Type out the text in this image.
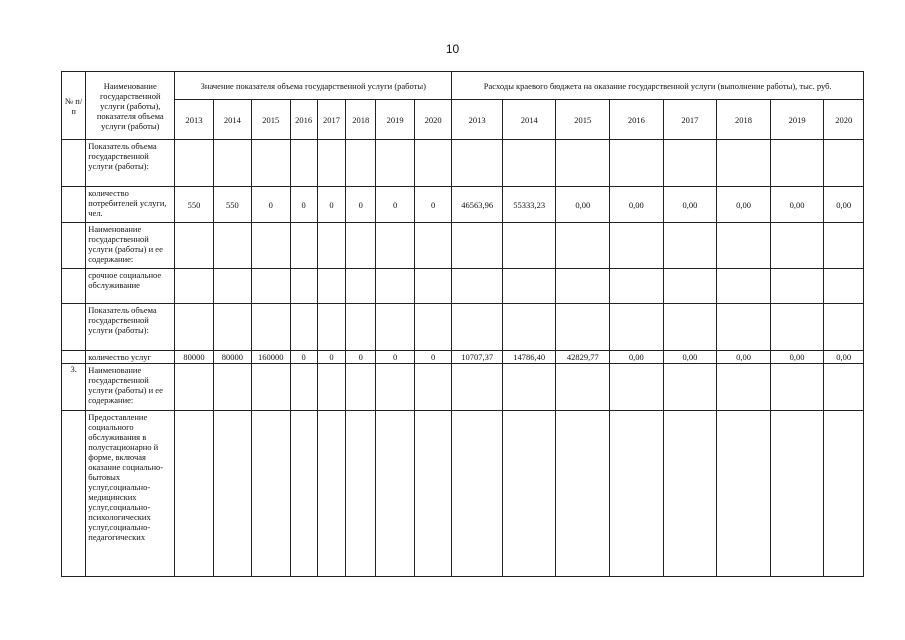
10
№ п/ п	Наименование государственной услуги (работы), показателя объема услуги (работы)	Значение показателя объема государственной услуги (работы)								Расходы краевого бюджета на оказание государственной услуги (выполнение работы), тыс. руб.							
		2013	2014	2015	2016	2017	2018	2019	2020	2013	2014	2015	2016	2017	2018	2019	2020
	Показатель объема государственной услуги (работы):																
	количество потребителей услуги, чел.	550	550	0	0	0	0	0	0	46563,96	55333,23	0,00	0,00	0,00	0,00	0,00	0,00
	Наименование государственной услуги (работы) и ее содержание:																
	срочное социальное обслуживание																
	Показатель объема государственной услуги (работы):																
	количество услуг	80000	80000	160000	0	0	0	0	0	10707,37	14786,40	42829,77	0,00	0,00	0,00	0,00	0,00
3.	Наименование государственной услуги (работы) и ее содержание:																
	Предоставление социального обслуживания в полустационарно й форме, включая оказание социально-бытовых услуг,социально-медицинских услуг,социально-психологических услуг,социально-педагогических																
